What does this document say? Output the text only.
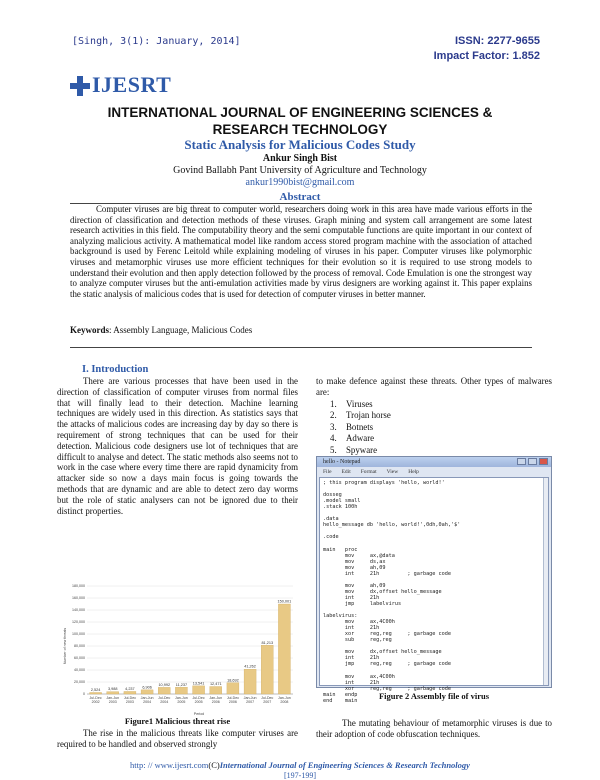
[Singh, 3(1): January, 2014]	ISSN: 2277-9655
Impact Factor: 1.852
IJESRT
INTERNATIONAL JOURNAL OF ENGINEERING SCIENCES & RESEARCH TECHNOLOGY
Static Analysis for Malicious Codes Study
Ankur Singh Bist
Govind Ballabh Pant University of Agriculture and Technology
ankur1990bist@gmail.com
Abstract
Computer viruses are big threat to computer world, researchers doing work in this area have made various efforts in the direction of classification and detection methods of these viruses. Graph mining and system call arrangement are some latest research activities in this field. The computability theory and the semi computable functions are quite important in our context of analyzing malicious activity. A mathematical model like random access stored program machine with the association of attached background is used by Ferenc Leitold while explaining modeling of viruses in his paper. Computer viruses like polymorphic viruses and metamorphic viruses use more efficient techniques for their evolution so it is required to use strong models to understand their evolution and then apply detection followed by the process of removal. Code Emulation is one the strongest way to analyze computer viruses but the anti-emulation activities made by virus designers are working against it. This paper explains the static analysis of malicious codes that is used for detection of computer viruses in better manner.
Keywords: Assembly Language, Malicious Codes
I. Introduction
There are various processes that have been used in the direction of classification of computer viruses from normal files that will finally lead to their detection. Machine learning techniques are widely used in this direction. As statistics says that the attacks of malicious codes are increasing day by day so there is requirement of strong techniques that can be used for their detection. Malicious code designers use lot of techniques that are difficult to analyse and detect. The static methods also seems not to work in the case where every time there are rapid dynamicity from attacker side so now a days main focus is going towards the methods that are dynamic and are able to detect zero day worms but the role of static analysers can not be ignored due to their distinct properties.
2,524 3,988 4,237 6,906
10,992 11,237 13,541 12,471
18,692
41,262
81,213
150,001
0
20,000
40,000
60,000
80,000
100,000
120,000
140,000
160,000
180,000
Jul-Dec
2002
Jan-Jun
2003
Jul-Dec
2003
Jan-Jun
2004
Jul-Dec
2004
Jan-Jun
2005
Jul-Dec
2005
Jan-Jun
2006
Jul-Dec
2006
Jan-Jun
2007
Jul-Dec
2007
Jan-Jun
2008
Number of new threats
Period
Figure1 Malicious threat rise
The rise in the malicious threats like computer viruses are required to be handled and observed strongly
to make defence against these threats. Other types of malwares are:
1. Viruses
2. Trojan horse
3. Botnets
4. Adware
5. Spyware
hello - Notepad
File Edit Format View Help
; this program displays 'hello, world!'

dosseg
.model small
.stack 100h

.data
hello_message db 'hello, world!',0dh,0ah,'$'

.code

main   proc
mov     ax,@data
mov     ds,ax
mov     ah,09
int     21h         ; garbage code

mov     ah,09
mov     dx,offset hello_message
int     21h
jmp     labelvirus

labelvirus:
mov     ax,4C00h
int     21h
xor     reg,reg     ; garbage code
sub     reg,reg

mov     dx,offset hello_message
int     21h
jmp     reg,reg     ; garbage code

mov     ax,4C00h
int     21h
xor     reg,reg     ; garbage code
main   endp
end    main	Figure 2 Assembly file of virus
The mutating behaviour of metamorphic viruses is due to their adoption of code obfuscation techniques.
http: // www.ijesrt.com(C)International Journal of Engineering Sciences & Research Technology
[197-199]
